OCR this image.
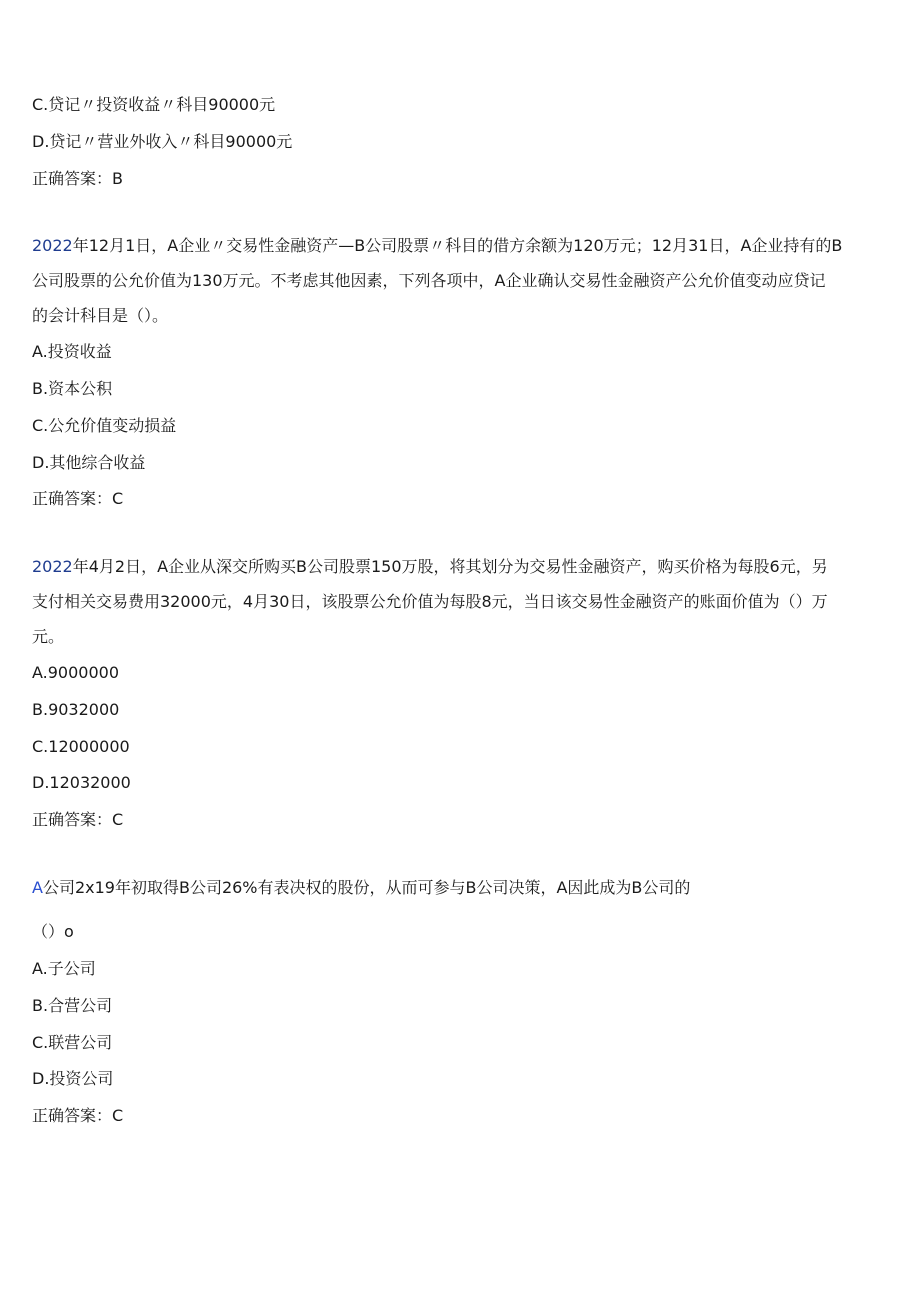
C.贷记〃投资收益〃科目90000元
D.贷记〃营业外收入〃科目90000元
正确答案：B
2022年12月1日，A企业〃交易性金融资产—B公司股票〃科目的借方余额为120万元；12月31日，A企业持有的B
公司股票的公允价值为130万元。不考虑其他因素，下列各项中，A企业确认交易性金融资产公允价值变动应贷记
的会计科目是（）。
A.投资收益
B.资本公积
C.公允价值变动损益
D.其他综合收益
正确答案：C
2022年4月2日，A企业从深交所购买B公司股票150万股，将其划分为交易性金融资产，购买价格为每股6元，另
支付相关交易费用32000元，4月30日，该股票公允价值为每股8元，当日该交易性金融资产的账面价值为（）万
元。
A.9000000
B.9032000
C.12000000
D.12032000
正确答案：C
A公司2x19年初取得B公司26%有表决权的股份，从而可参与B公司决策，A因此成为B公司的
（）o
A.子公司
B.合营公司
C.联营公司
D.投资公司
正确答案：C
